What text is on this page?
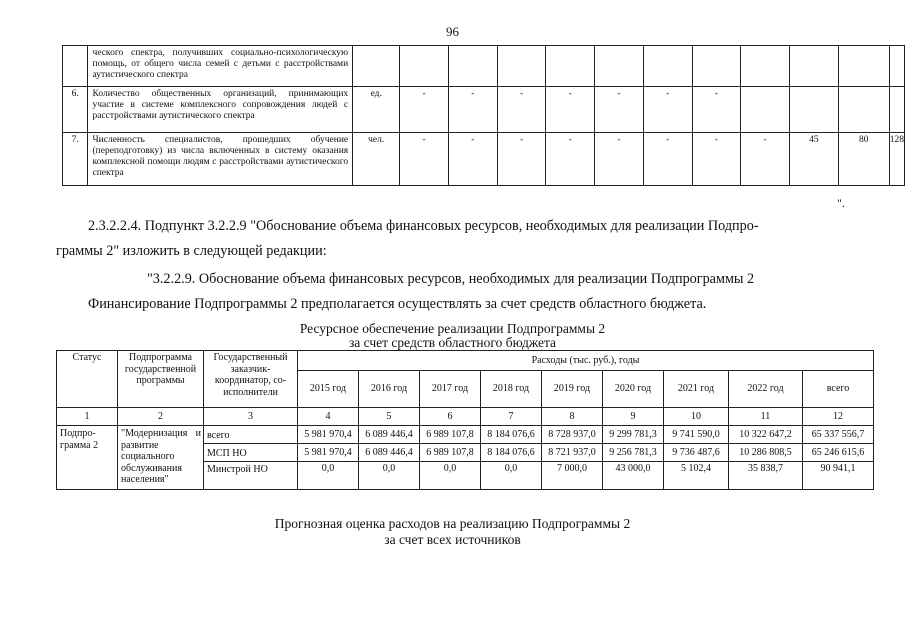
96
	ческого спектра, получивших социально-психологическую помощь, от общего числа семей с детьми с расстройствами аутистического спектра												
6.	Количество общественных организаций, принимающих участие в системе комплексного сопровождения людей с расстройствами аутистического спектра	ед.	-	-	-	-	-	-	-				
7.	Численность специалистов, прошедших обучение (переподготовку) из числа включенных в систему оказания комплексной помощи людям с расстройствами аутистического спектра	чел.	-	-	-	-	-	-	-	-	45	80	128
".
2.3.2.2.4. Подпункт 3.2.2.9 "Обоснование объема финансовых ресурсов, необходимых для реализации Подпро-
граммы 2" изложить в следующей редакции:
"3.2.2.9. Обоснование объема финансовых ресурсов, необходимых для реализации Подпрограммы 2
Финансирование Подпрограммы 2 предполагается осуществлять за счет средств областного бюджета.
Ресурсное обеспечение реализации Подпрограммы 2
за счет средств областного бюджета
Статус	Подпрограмма государственной программы	Государственный заказчик-координатор, со-исполнители	Расходы (тыс. руб.), годы								
			2015 год	2016 год	2017 год	2018 год	2019 год	2020 год	2021 год	2022 год	всего
1	2	3	4	5	6	7	8	9	10	11	12
Подпро-грамма 2	"Модернизация и развитие социального обслуживания населения"	всего	5 981 970,4	6 089 446,4	6 989 107,8	8 184 076,6	8 728 937,0	9 299 781,3	9 741 590,0	10 322 647,2	65 337 556,7
		МСП НО	5 981 970,4	6 089 446,4	6 989 107,8	8 184 076,6	8 721 937,0	9 256 781,3	9 736 487,6	10 286 808,5	65 246 615,6
		Минстрой НО	0,0	0,0	0,0	0,0	7 000,0	43 000,0	5 102,4	35 838,7	90 941,1
Прогнозная оценка расходов на реализацию Подпрограммы 2
за счет всех источников
